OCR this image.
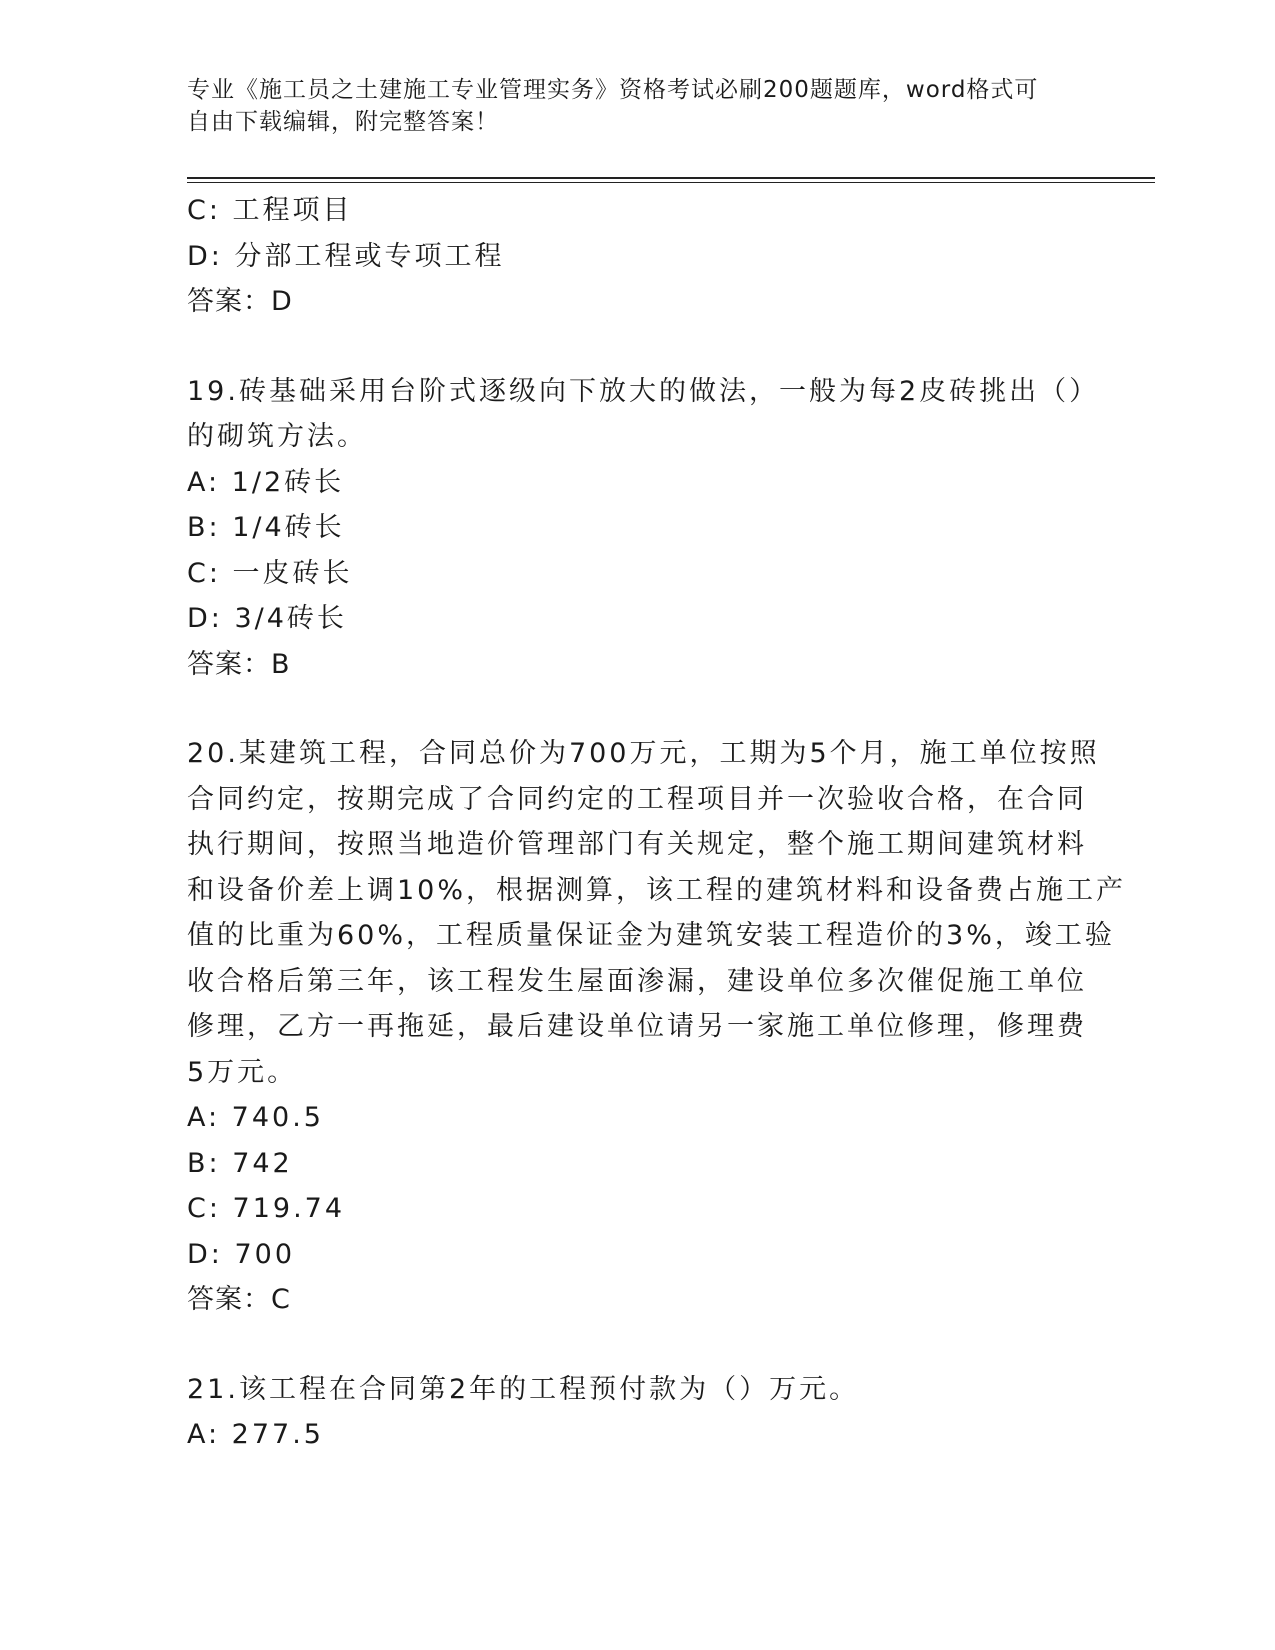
专业《施工员之土建施工专业管理实务》资格考试必刷200题题库，word格式可
自由下载编辑，附完整答案！
C: 工程项目
D: 分部工程或专项工程
答案：D
19.砖基础采用台阶式逐级向下放大的做法，一般为每2皮砖挑出（）
的砌筑方法。
A: 1/2砖长
B: 1/4砖长
C: 一皮砖长
D: 3/4砖长
答案：B
20.某建筑工程，合同总价为700万元，工期为5个月，施工单位按照
合同约定，按期完成了合同约定的工程项目并一次验收合格，在合同
执行期间，按照当地造价管理部门有关规定，整个施工期间建筑材料
和设备价差上调10%，根据测算，该工程的建筑材料和设备费占施工产
值的比重为60%，工程质量保证金为建筑安装工程造价的3%，竣工验
收合格后第三年，该工程发生屋面渗漏，建设单位多次催促施工单位
修理，乙方一再拖延，最后建设单位请另一家施工单位修理，修理费
5万元。
A: 740.5
B: 742
C: 719.74
D: 700
答案：C
21.该工程在合同第2年的工程预付款为（）万元。
A: 277.5
